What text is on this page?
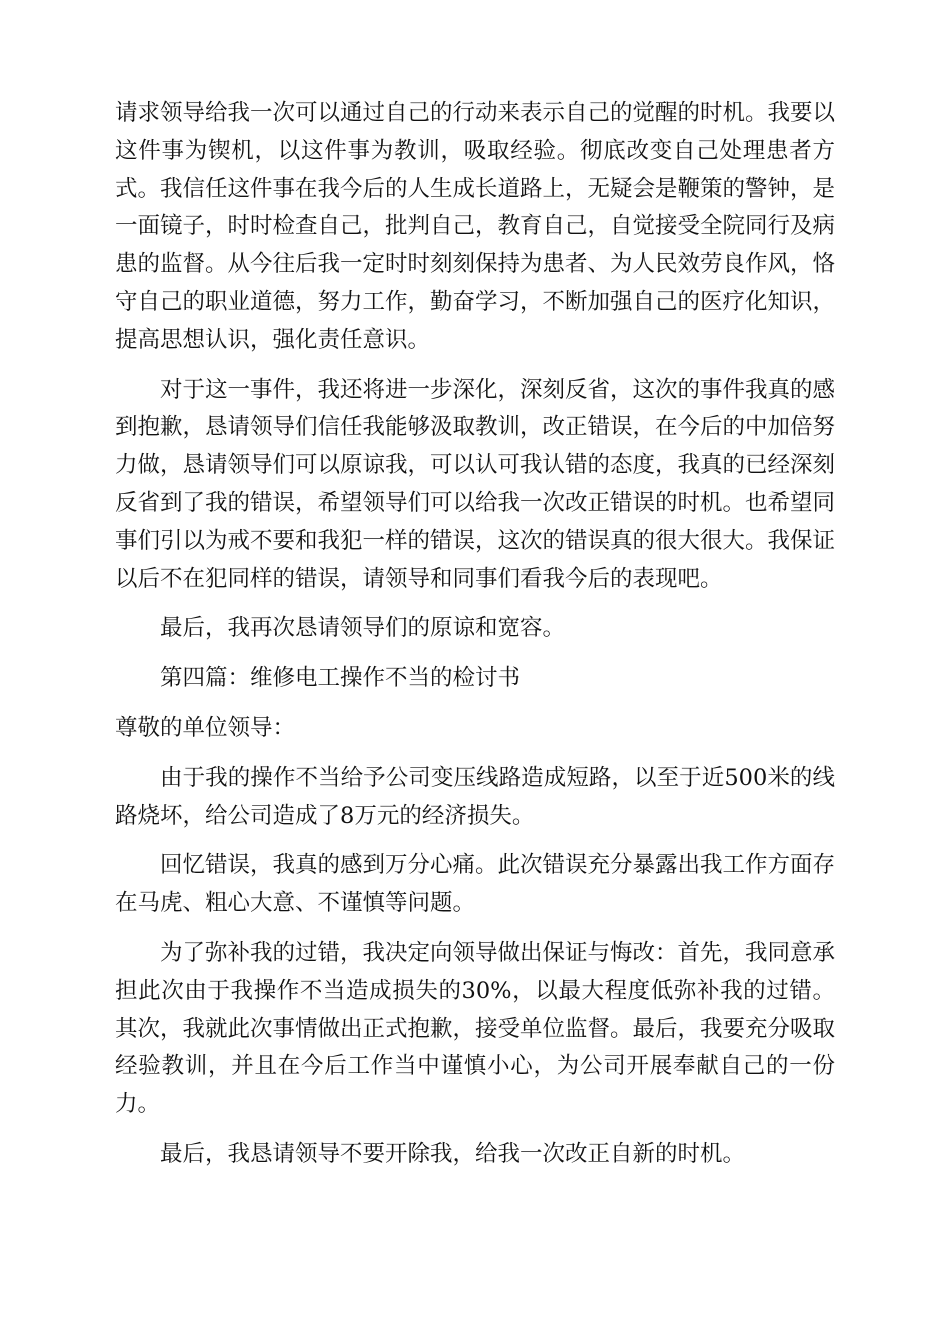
请求领导给我一次可以通过自己的行动来表示自己的觉醒的时机。我要以这件事为锲机，以这件事为教训，吸取经验。彻底改变自己处理患者方式。我信任这件事在我今后的人生成长道路上，无疑会是鞭策的警钟，是一面镜子，时时检查自己，批判自己，教育自己，自觉接受全院同行及病患的监督。从今往后我一定时时刻刻保持为患者、为人民效劳良作风，恪守自己的职业道德，努力工作，勤奋学习，不断加强自己的医疗化知识，提高思想认识，强化责任意识。

对于这一事件，我还将进一步深化，深刻反省，这次的事件我真的感到抱歉，恳请领导们信任我能够汲取教训，改正错误，在今后的中加倍努力做，恳请领导们可以原谅我，可以认可我认错的态度，我真的已经深刻反省到了我的错误，希望领导们可以给我一次改正错误的时机。也希望同事们引以为戒不要和我犯一样的错误，这次的错误真的很大很大。我保证以后不在犯同样的错误，请领导和同事们看我今后的表现吧。

最后，我再次恳请领导们的原谅和宽容。

第四篇：维修电工操作不当的检讨书

尊敬的单位领导：

由于我的操作不当给予公司变压线路造成短路，以至于近500米的线路烧坏，给公司造成了8万元的经济损失。

回忆错误，我真的感到万分心痛。此次错误充分暴露出我工作方面存在马虎、粗心大意、不谨慎等问题。

为了弥补我的过错，我决定向领导做出保证与悔改：首先，我同意承担此次由于我操作不当造成损失的30%，以最大程度低弥补我的过错。其次，我就此次事情做出正式抱歉，接受单位监督。最后，我要充分吸取经验教训，并且在今后工作当中谨慎小心，为公司开展奉献自己的一份力。

最后，我恳请领导不要开除我，给我一次改正自新的时机。
